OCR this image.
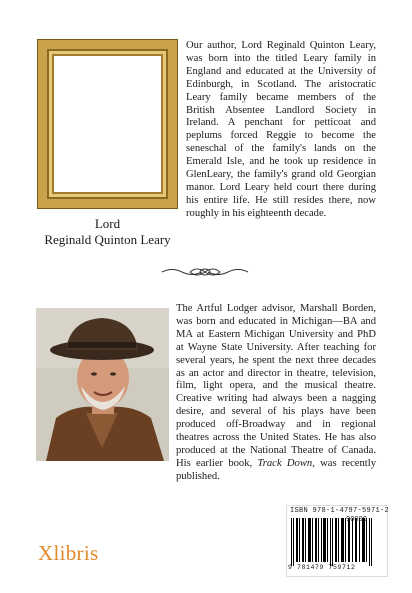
Lord
Reginald Quinton Leary
Our author, Lord Reginald Quinton Leary, was born into the titled Leary family in England and educated at the University of Edinburgh, in Scotland. The aristocratic Leary family became members of the British Absentee Landlord Society in Ireland. A penchant for petticoat and peplums forced Reggie to become the seneschal of the family's lands on the Emerald Isle, and he took up residence in GlenLeary, the family's grand old Georgian manor. Lord Leary held court there during his entire life. He still resides there, now roughly in his eighteenth decade.
The Artful Lodger advisor, Marshall Borden, was born and educated in Michigan—BA and MA at Eastern Michigan University and PhD at Wayne State University. After teaching for several years, he spent the next three decades as an actor and director in theatre, television, film, light opera, and the musical theatre. Creative writing had always been a nagging desire, and several of his plays have been produced off-Broadway and in regional theatres across the United States. He has also produced at the National Theatre of Canada. His earlier book, Track Down, was recently published.
ISBN 978-1-4797-5971-2
90000
9 781479 759712
Xlibris
